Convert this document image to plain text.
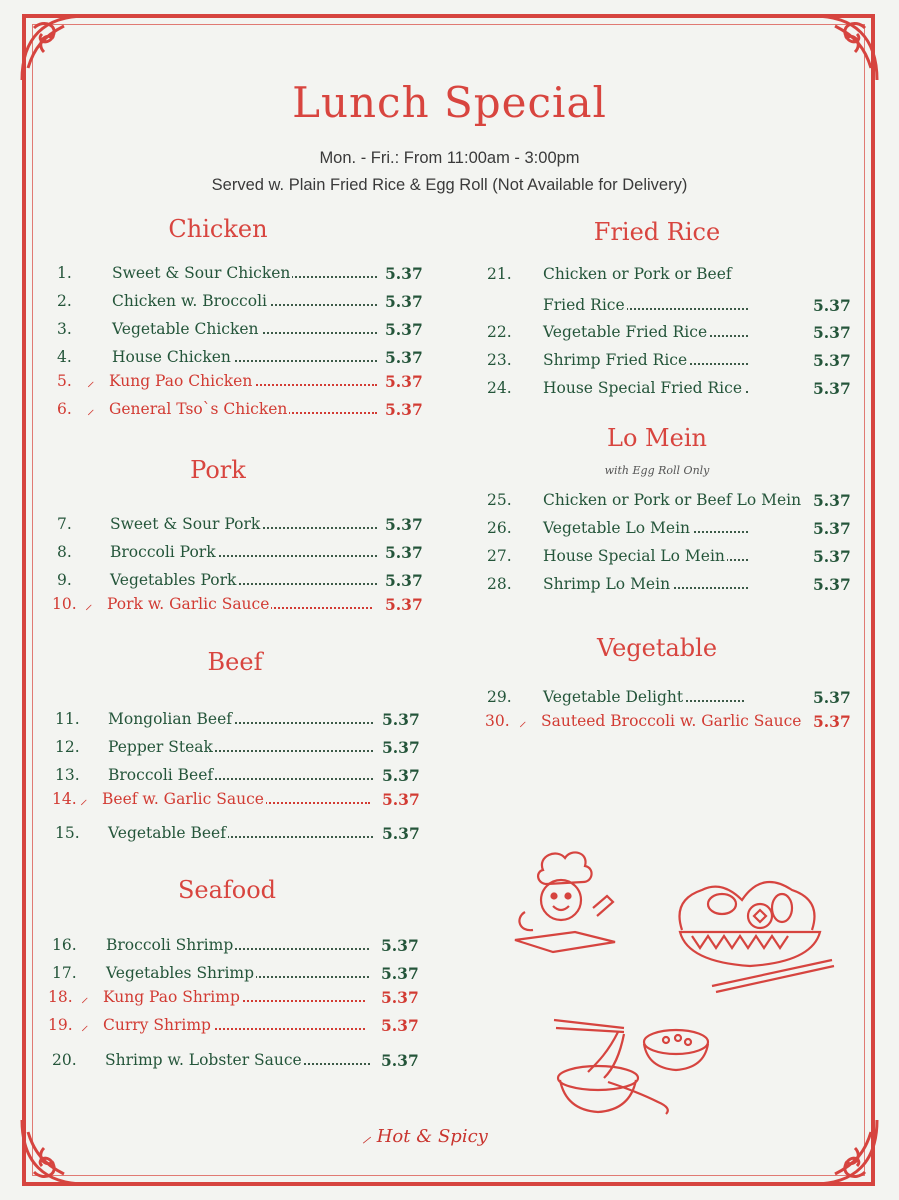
Lunch Special
Mon. - Fri.: From 11:00am - 3:00pm
Served w. Plain Fried Rice & Egg Roll (Not Available for Delivery)
Chicken
Pork
Beef
Seafood
Fried Rice
Lo Mein
with Egg Roll Only
Vegetable
1.	Sweet & Sour Chicken	5.37
2.	Chicken w. Broccoli	5.37
3.	Vegetable Chicken	5.37
4.	House Chicken	5.37
5. ⸝ Kung Pao Chicken	5.37
6. ⸝ General Tso`s Chicken	5.37
7. Sweet & Sour Pork	5.37
8. Broccoli Pork	5.37
9. Vegetables Pork	5.37
10. ⸝ Pork w. Garlic Sauce	5.37
11. Mongolian Beef	5.37
12. Pepper Steak	5.37
13. Broccoli Beef	5.37
14. ⸝ Beef w. Garlic Sauce	5.37
15. Vegetable Beef	5.37
16. Broccoli Shrimp	5.37
17. Vegetables Shrimp	5.37
18. ⸝ Kung Pao Shrimp	5.37
19. ⸝ Curry Shrimp	5.37
20. Shrimp w. Lobster Sauce	5.37
21. Chicken or Pork or Beef
Fried Rice	5.37
22. Vegetable Fried Rice	5.37
23. Shrimp Fried Rice	5.37
24. House Special Fried Rice	5.37
25. Chicken or Pork or Beef Lo Mein 5.37
26. Vegetable Lo Mein	5.37
27. House Special Lo Mein	5.37
28. Shrimp Lo Mein	5.37
29. Vegetable Delight	5.37
30. ⸝ Sauteed Broccoli w. Garlic Sauce 5.37
⸝ Hot & Spicy
